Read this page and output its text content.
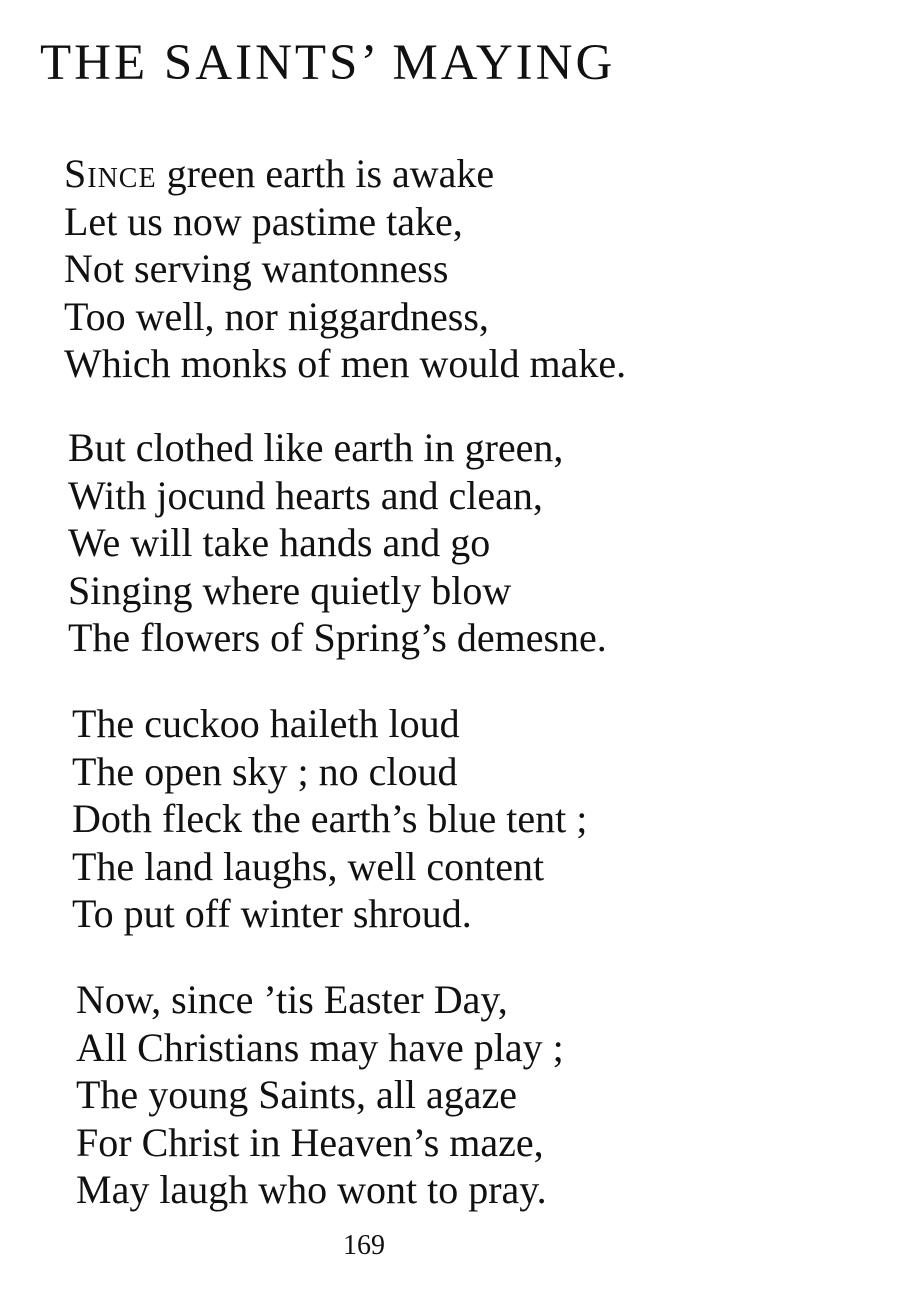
THE SAINTS’ MAYING
Since green earth is awake
Let us now pastime take,
Not serving wantonness
Too well, nor niggardness,
Which monks of men would make.
But clothed like earth in green,
With jocund hearts and clean,
We will take hands and go
Singing where quietly blow
The flowers of Spring’s demesne.
The cuckoo haileth loud
The open sky ; no cloud
Doth fleck the earth’s blue tent ;
The land laughs, well content
To put off winter shroud.
Now, since ’tis Easter Day,
All Christians may have play ;
The young Saints, all agaze
For Christ in Heaven’s maze,
May laugh who wont to pray.
169
